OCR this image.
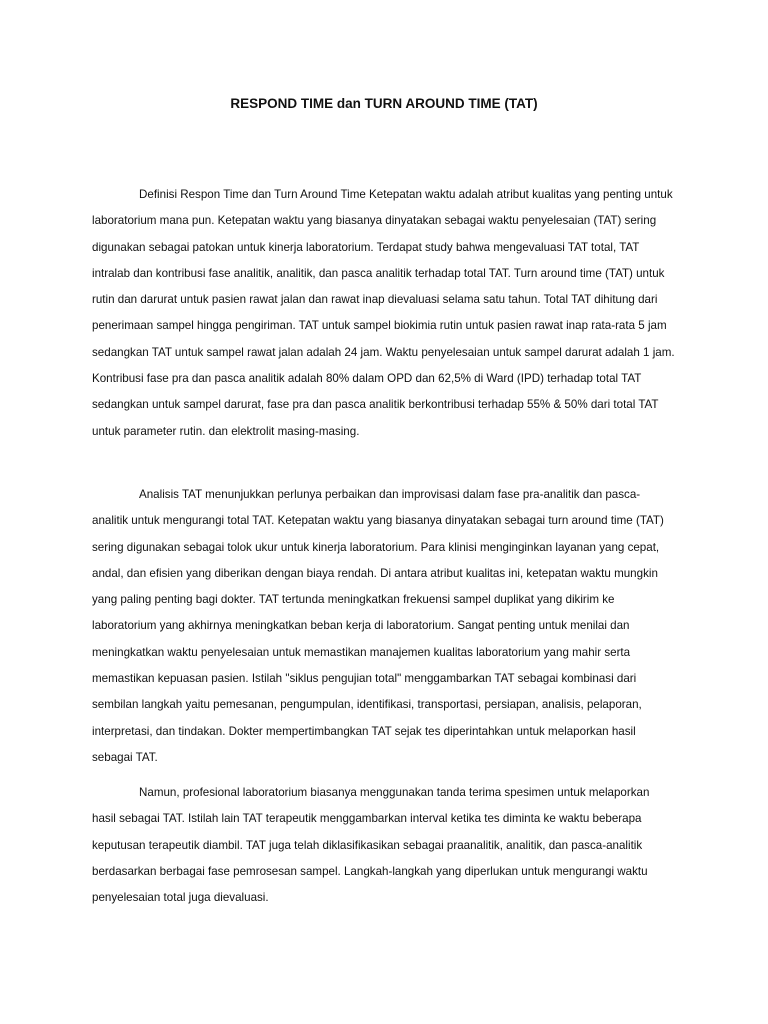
RESPOND TIME dan TURN AROUND TIME (TAT)

Definisi Respon Time dan Turn Around Time Ketepatan waktu adalah atribut kualitas yang penting untuk laboratorium mana pun. Ketepatan waktu yang biasanya dinyatakan sebagai waktu penyelesaian (TAT) sering digunakan sebagai patokan untuk kinerja laboratorium. Terdapat study bahwa mengevaluasi TAT total, TAT intralab dan kontribusi fase analitik, analitik, dan pasca analitik terhadap total TAT. Turn around time (TAT) untuk rutin dan darurat untuk pasien rawat jalan dan rawat inap dievaluasi selama satu tahun. Total TAT dihitung dari penerimaan sampel hingga pengiriman. TAT untuk sampel biokimia rutin untuk pasien rawat inap rata-rata 5 jam sedangkan TAT untuk sampel rawat jalan adalah 24 jam. Waktu penyelesaian untuk sampel darurat adalah 1 jam. Kontribusi fase pra dan pasca analitik adalah 80% dalam OPD dan 62,5% di Ward (IPD) terhadap total TAT sedangkan untuk sampel darurat, fase pra dan pasca analitik berkontribusi terhadap 55% & 50% dari total TAT untuk parameter rutin. dan elektrolit masing-masing.

Analisis TAT menunjukkan perlunya perbaikan dan improvisasi dalam fase pra-analitik dan pasca-analitik untuk mengurangi total TAT. Ketepatan waktu yang biasanya dinyatakan sebagai turn around time (TAT) sering digunakan sebagai tolok ukur untuk kinerja laboratorium. Para klinisi menginginkan layanan yang cepat, andal, dan efisien yang diberikan dengan biaya rendah. Di antara atribut kualitas ini, ketepatan waktu mungkin yang paling penting bagi dokter. TAT tertunda meningkatkan frekuensi sampel duplikat yang dikirim ke laboratorium yang akhirnya meningkatkan beban kerja di laboratorium. Sangat penting untuk menilai dan meningkatkan waktu penyelesaian untuk memastikan manajemen kualitas laboratorium yang mahir serta memastikan kepuasan pasien. Istilah "siklus pengujian total" menggambarkan TAT sebagai kombinasi dari sembilan langkah yaitu pemesanan, pengumpulan, identifikasi, transportasi, persiapan, analisis, pelaporan, interpretasi, dan tindakan. Dokter mempertimbangkan TAT sejak tes diperintahkan untuk melaporkan hasil sebagai TAT.

Namun, profesional laboratorium biasanya menggunakan tanda terima spesimen untuk melaporkan hasil sebagai TAT. Istilah lain TAT terapeutik menggambarkan interval ketika tes diminta ke waktu beberapa keputusan terapeutik diambil. TAT juga telah diklasifikasikan sebagai praanalitik, analitik, dan pasca-analitik berdasarkan berbagai fase pemrosesan sampel. Langkah-langkah yang diperlukan untuk mengurangi waktu penyelesaian total juga dievaluasi.
